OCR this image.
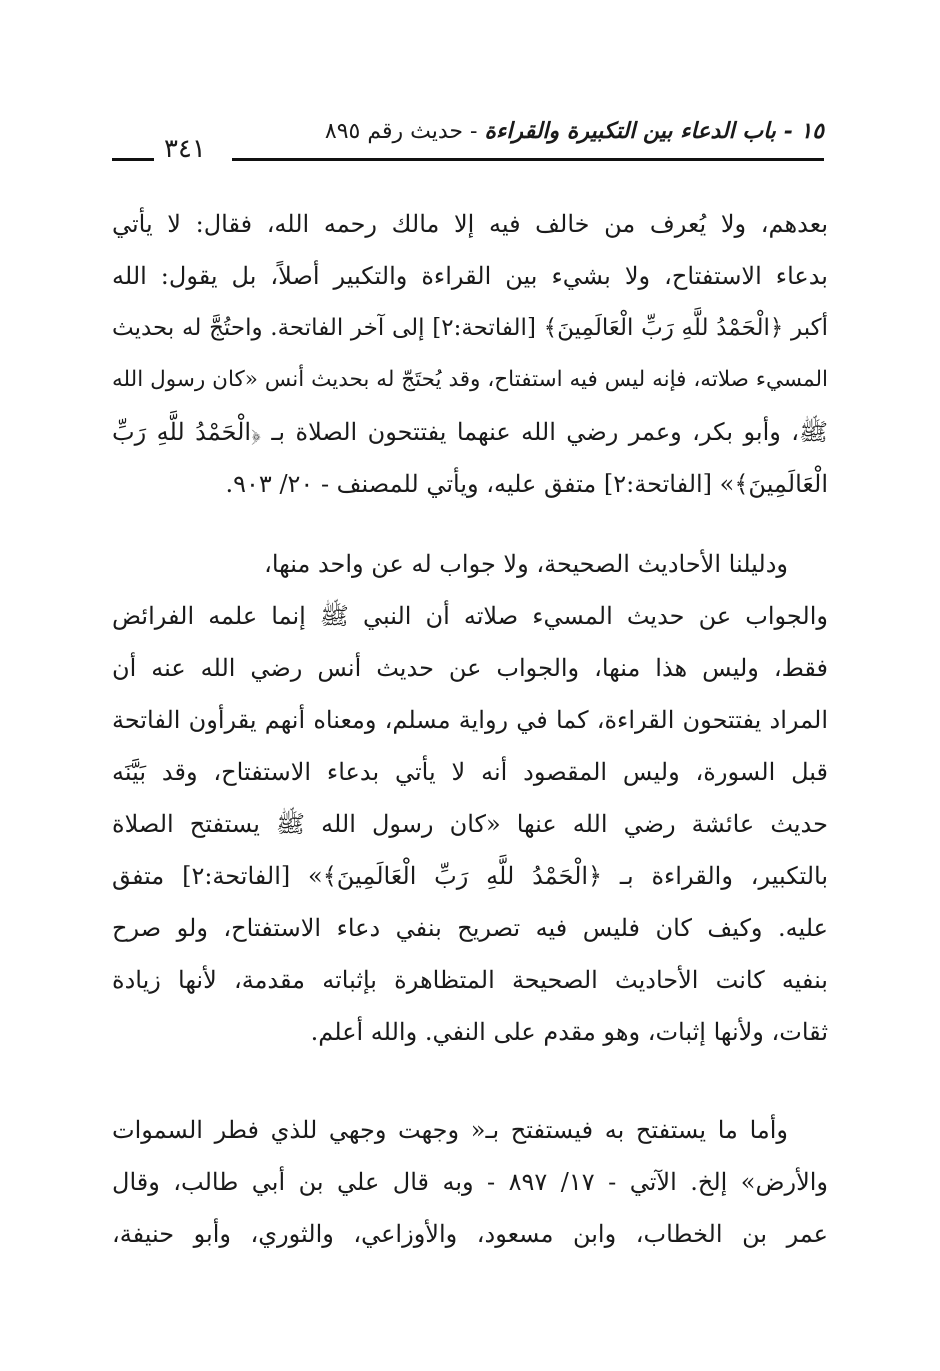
١٥ - باب الدعاء بين التكبيرة والقراءة - حديث رقم ٨٩٥
٣٤١

بعدهم، ولا يُعرف من خالف فيه إلا مالك رحمه الله، فقال: لا يأتي
بدعاء الاستفتاح، ولا بشيء بين القراءة والتكبير أصلاً، بل يقول: الله
أكبر ﴿الْحَمْدُ للَّهِ رَبِّ الْعَالَمِينَ﴾ [الفاتحة:٢] إلى آخر الفاتحة. واحتُجَّ له بحديث
المسيء صلاته، فإنه ليس فيه استفتاح، وقد يُحتَجّ له بحديث أنس «كان رسول الله
ﷺ، وأبو بكر، وعمر رضي الله عنهما يفتتحون الصلاة بـ ﴿الْحَمْدُ للَّهِ رَبِّ
الْعَالَمِينَ﴾» [الفاتحة:٢] متفق عليه، ويأتي للمصنف - ٢٠/ ٩٠٣.

ودليلنا الأحاديث الصحيحة، ولا جواب له عن واحد منها،
والجواب عن حديث المسيء صلاته أن النبي ﷺ إنما علمه الفرائض
فقط، وليس هذا منها، والجواب عن حديث أنس رضي الله عنه أن
المراد يفتتحون القراءة، كما في رواية مسلم، ومعناه أنهم يقرأون الفاتحة
قبل السورة، وليس المقصود أنه لا يأتي بدعاء الاستفتاح، وقد بَيَّنَه
حديث عائشة رضي الله عنها «كان رسول الله ﷺ يستفتح الصلاة
بالتكبير، والقراءة بـ ﴿الْحَمْدُ للَّهِ رَبِّ الْعَالَمِينَ﴾» [الفاتحة:٢] متفق
عليه. وكيف كان فليس فيه تصريح بنفي دعاء الاستفتاح، ولو صرح
بنفيه كانت الأحاديث الصحيحة المتظاهرة بإثباته مقدمة، لأنها زيادة
ثقات، ولأنها إثبات، وهو مقدم على النفي. والله أعلم.

وأما ما يستفتح به فيستفتح بـ« وجهت وجهي للذي فطر السموات
والأرض» إلخ. الآتي - ١٧/ ٨٩٧ - وبه قال علي بن أبي طالب، وقال
عمر بن الخطاب، وابن مسعود، والأوزاعي، والثوري، وأبو حنيفة،
